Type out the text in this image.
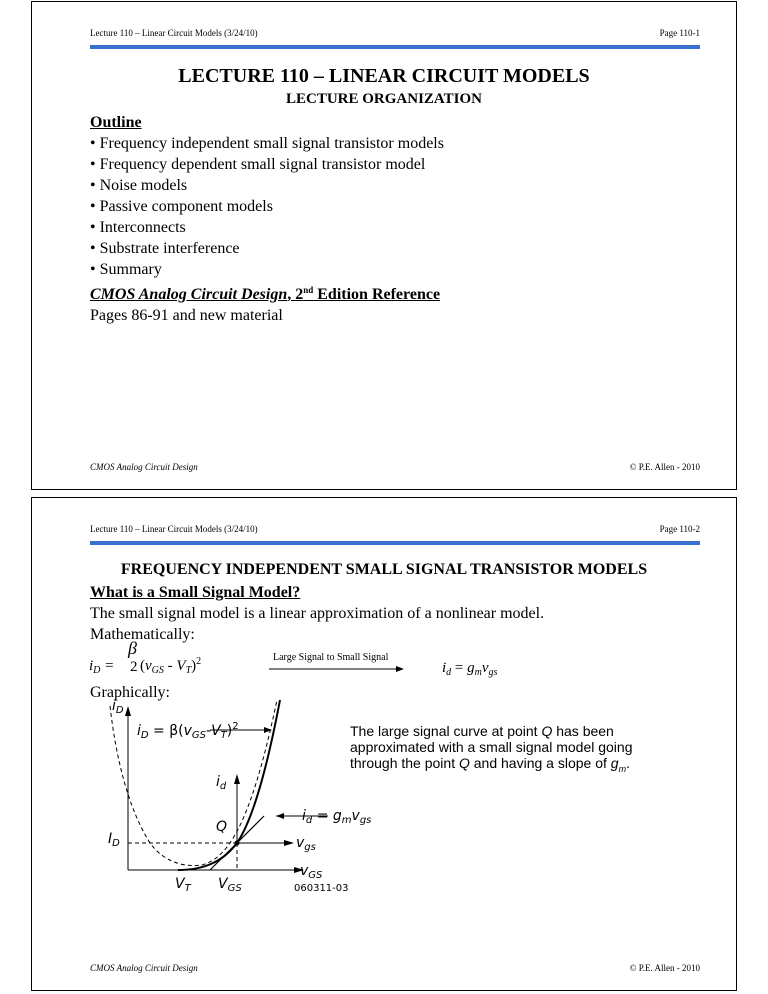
Lecture 110 – Linear Circuit Models (3/24/10)	Page 110-1
LECTURE 110 – LINEAR CIRCUIT MODELS
LECTURE ORGANIZATION
Outline
• Frequency independent small signal transistor models
• Frequency dependent small signal transistor model
• Noise models
• Passive component models
• Interconnects
• Substrate interference
• Summary
CMOS Analog Circuit Design, 2nd Edition Reference
Pages 86-91 and new material
CMOS Analog Circuit Design	© P.E. Allen - 2010
Lecture 110 – Linear Circuit Models (3/24/10)	Page 110-2
FREQUENCY INDEPENDENT SMALL SIGNAL TRANSISTOR MODELS
What is a Small Signal Model?
The small signal model is a linear approximation of a nonlinear model.
Mathematically:
β
$i_D = 2$ $(v_{GS} - V_T)^2$	Large Signal to Small Signal
$i_d = g_mv_{gs}$
Graphically:
The large signal curve at point Q has been
approximated with a small signal model going
through the point Q and having a slope of $g_m$.
$i_D$
$i_D = \beta(v_{GS}-V_T)^2$
$i_d$
$i_d = g_mv_{gs}$
Q
$I_D$	$v_{gs}$
$v_{GS}$
$V_T$ $V_{GS}$	060311-03
CMOS Analog Circuit Design	© P.E. Allen - 2010
